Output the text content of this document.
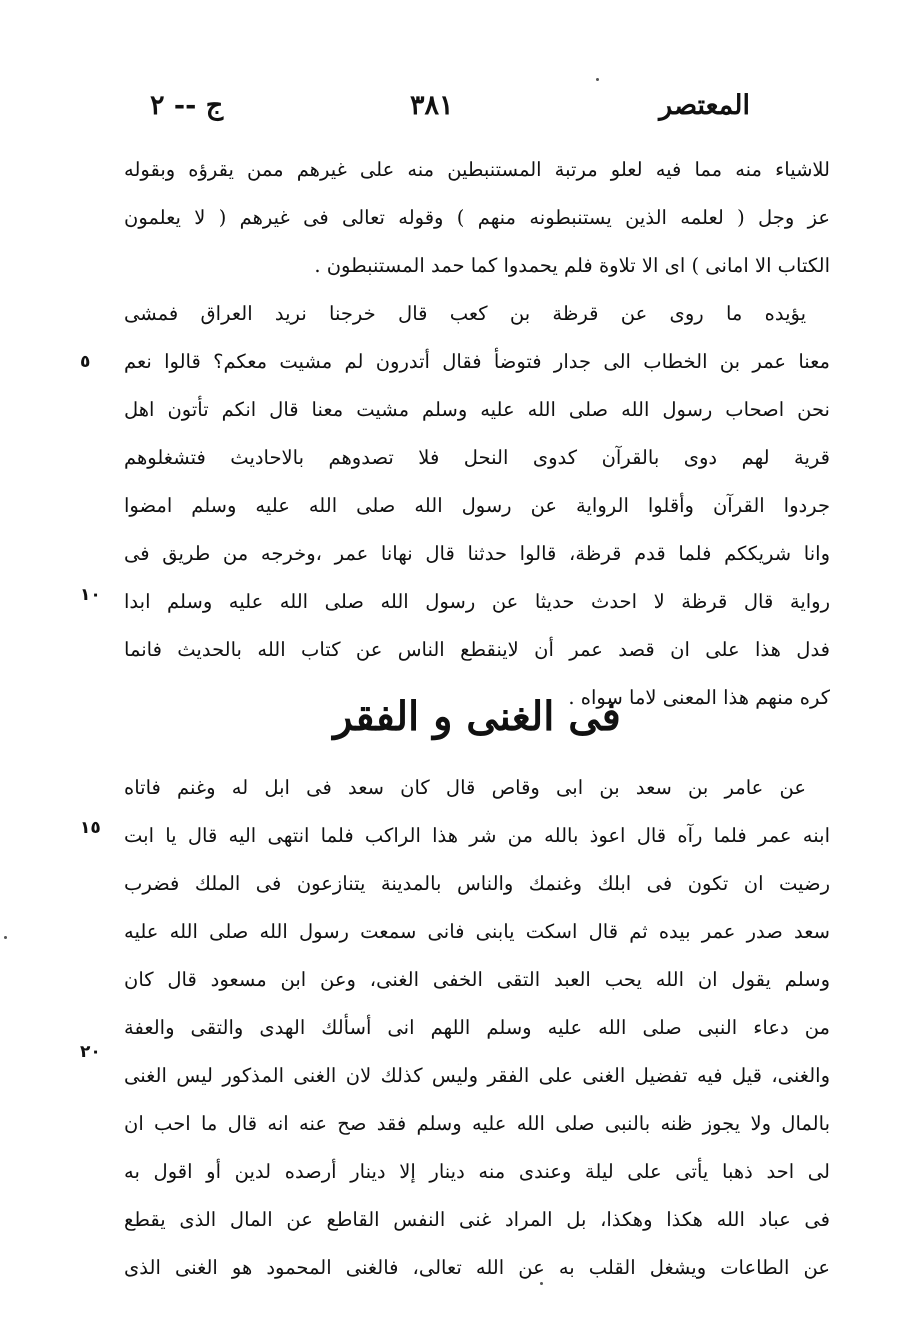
المعتصر
٣٨١
ج -- ٢
للاشياء منه مما فيه لعلو مرتبة المستنبطين منه على غيرهم ممن يقرؤه وبقوله
عز وجل ( لعلمه الذين يستنبطونه منهم ) وقوله تعالى فى غيرهم ( لا يعلمون
الكتاب الا امانى ) اى الا تلاوة فلم يحمدوا كما حمد المستنبطون .
يؤيده ما روى عن قرظة بن كعب قال خرجنا نريد العراق فمشى
معنا عمر بن الخطاب الى جدار فتوضأ فقال أتدرون لم مشيت معكم؟ قالوا نعم
نحن اصحاب رسول الله صلى الله عليه وسلم مشيت معنا قال انكم تأتون اهل
قرية لهم دوى بالقرآن كدوى النحل فلا تصدوهم بالاحاديث فتشغلوهم
جردوا القرآن وأقلوا الرواية عن رسول الله صلى الله عليه وسلم امضوا
وانا شريككم فلما قدم قرظة، قالوا حدثنا قال نهانا عمر ،وخرجه من طريق فى
رواية قال قرظة لا احدث حديثا عن رسول الله صلى الله عليه وسلم ابدا
فدل هذا على ان قصد عمر أن لاينقطع الناس عن كتاب الله بالحديث فانما
كره منهم هذا المعنى لاما سواه .
فى الغنى و الفقر
عن عامر بن سعد بن ابى وقاص قال كان سعد فى ابل له وغنم فاتاه
ابنه عمر فلما رآه قال اعوذ بالله من شر هذا الراكب فلما انتهى اليه قال يا ابت
رضيت ان تكون فى ابلك وغنمك والناس بالمدينة يتنازعون فى الملك فضرب
سعد صدر عمر بيده ثم قال اسكت يابنى فانى سمعت رسول الله صلى الله عليه
وسلم يقول ان الله يحب العبد التقى الخفى الغنى، وعن ابن مسعود قال كان
من دعاء النبى صلى الله عليه وسلم اللهم انى أسألك الهدى والتقى والعفة
والغنى، قيل فيه تفضيل الغنى على الفقر وليس كذلك لان الغنى المذكور ليس الغنى
بالمال ولا يجوز ظنه بالنبى صلى الله عليه وسلم فقد صح عنه انه قال ما احب ان
لى احد ذهبا يأتى على ليلة وعندى منه دينار إلا دينار أرصده لدين أو اقول به
فى عباد الله هكذا وهكذا، بل المراد غنى النفس القاطع عن المال الذى يقطع
عن الطاعات ويشغل القلب به عن الله تعالى، فالغنى المحمود هو الغنى الذى
٥
١٠
١٥
٢٠
